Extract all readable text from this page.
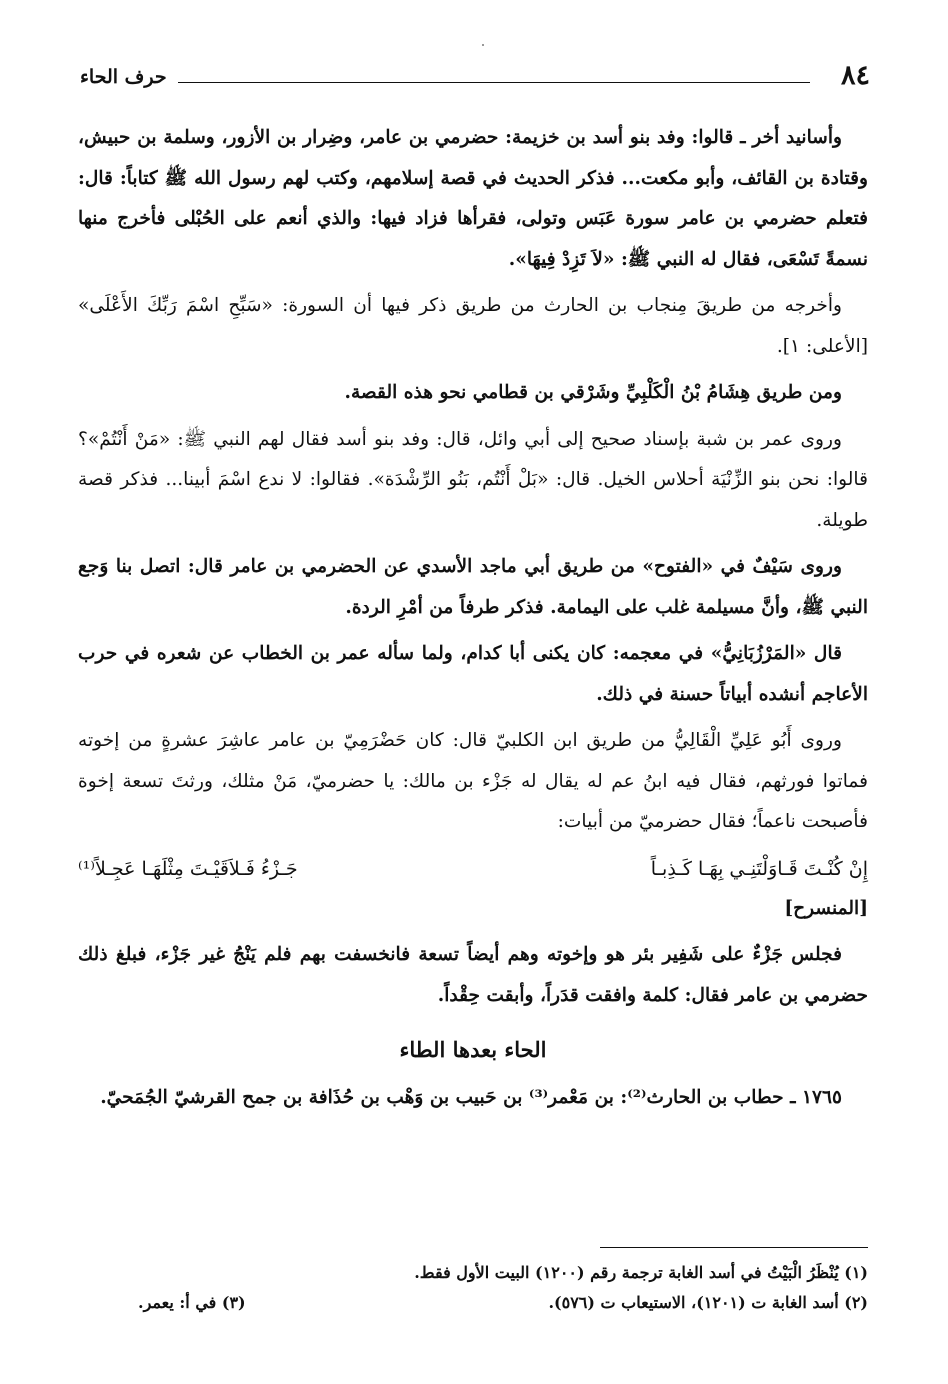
٨٤
حرف الحاء

وأسانيد أخر ـ قالوا: وفد بنو أسد بن خزيمة: حضرمي بن عامر، وضِرار بن الأزور، وسلمة بن حبيش، وقتادة بن القائف، وأبو مكعت... فذكر الحديث في قصة إسلامهم، وكتب لهم رسول الله ﷺ كتاباً: قال: فتعلم حضرمي بن عامر سورة عَبَس وتولى، فقرأها فزاد فيها: والذي أنعم على الحُبْلى فأخرج منها نسمةً تَسْعَى، فقال له النبي ﷺ: «لاَ تَزِدْ فِيهَا».

وأخرجه من طريقَ مِنجاب بن الحارث من طريق ذكر فيها أن السورة: «سَبِّحِ اسْمَ رَبِّكَ الأَعْلَى» [الأعلى: ١].

ومن طريق هِشَامُ بْنُ الْكَلْبِيِّ وشَرْقي بن قطامي نحو هذه القصة.

وروى عمر بن شبة بإسناد صحيح إلى أبي وائل، قال: وفد بنو أسد فقال لهم النبي ﷺ: «مَنْ أَنْتُمْ»؟ قالوا: نحن بنو الزِّنْيَة أحلاس الخيل. قال: «بَلْ أَنْتُم، بَنُو الرِّشْدَة». فقالوا: لا ندع اسْمَ أبينا... فذكر قصة طويلة.

وروى سَيْفٌ في «الفتوح» من طريق أبي ماجد الأسدي عن الحضرمي بن عامر قال: اتصل بنا وَجع النبي ﷺ، وأنَّ مسيلمة غلب على اليمامة. فذكر طرفاً من أمْرِ الردة.

قال «المَرْزُبَانِيُّ» في معجمه: كان يكنى أبا كدام، ولما سأله عمر بن الخطاب عن شعره في حرب الأعاجم أنشده أبياتاً حسنة في ذلك.

وروى أَبُو عَلِيِّ الْقَالِيُّ من طريق ابن الكلبيّ قال: كان حَضْرَمِيّ بن عامر عاشِرَ عشرةٍ من إخوته فماتوا فورثهم، فقال فيه ابنُ عم له يقال له جَزْء بن مالك: يا حضرميّ، مَنْ مثلك، ورثتَ تسعة إخوة فأصبحت ناعماً؛ فقال حضرميّ من أبيات:

إِنْ كُنْـتَ قَـاوَلْتَنِـي بِهَـا كَـذِبـاً
جَـزْءُ فَـلاَقَيْـتَ مِثْلَهَـا عَجِـلاً⁽¹⁾
[المنسرح]

فجلس جَزْءٌ على شَفِير بئر هو وإخوته وهم أيضاً تسعة فانخسفت بهم فلم يَنْجُ غير جَزْء، فبلغ ذلك حضرمي بن عامر فقال: كلمة وافقت قدَراً، وأبقت حِقْداً.

الحاء بعدها الطاء

١٧٦٥ ـ حطاب بن الحارث⁽²⁾: بن مَعْمر⁽³⁾ بن حَبيب بن وَهْب بن حُذَافة بن جمح القرشيّ الجُمَحيّ.

(١) يُنْظَرُ الْبَيْتُ في أسد الغابة ترجمة رقم (١٢٠٠) البيت الأول فقط.
(٢) أسد الغابة ت (١٢٠١)، الاستيعاب ت (٥٧٦).
(٣) في أ: يعمر.
